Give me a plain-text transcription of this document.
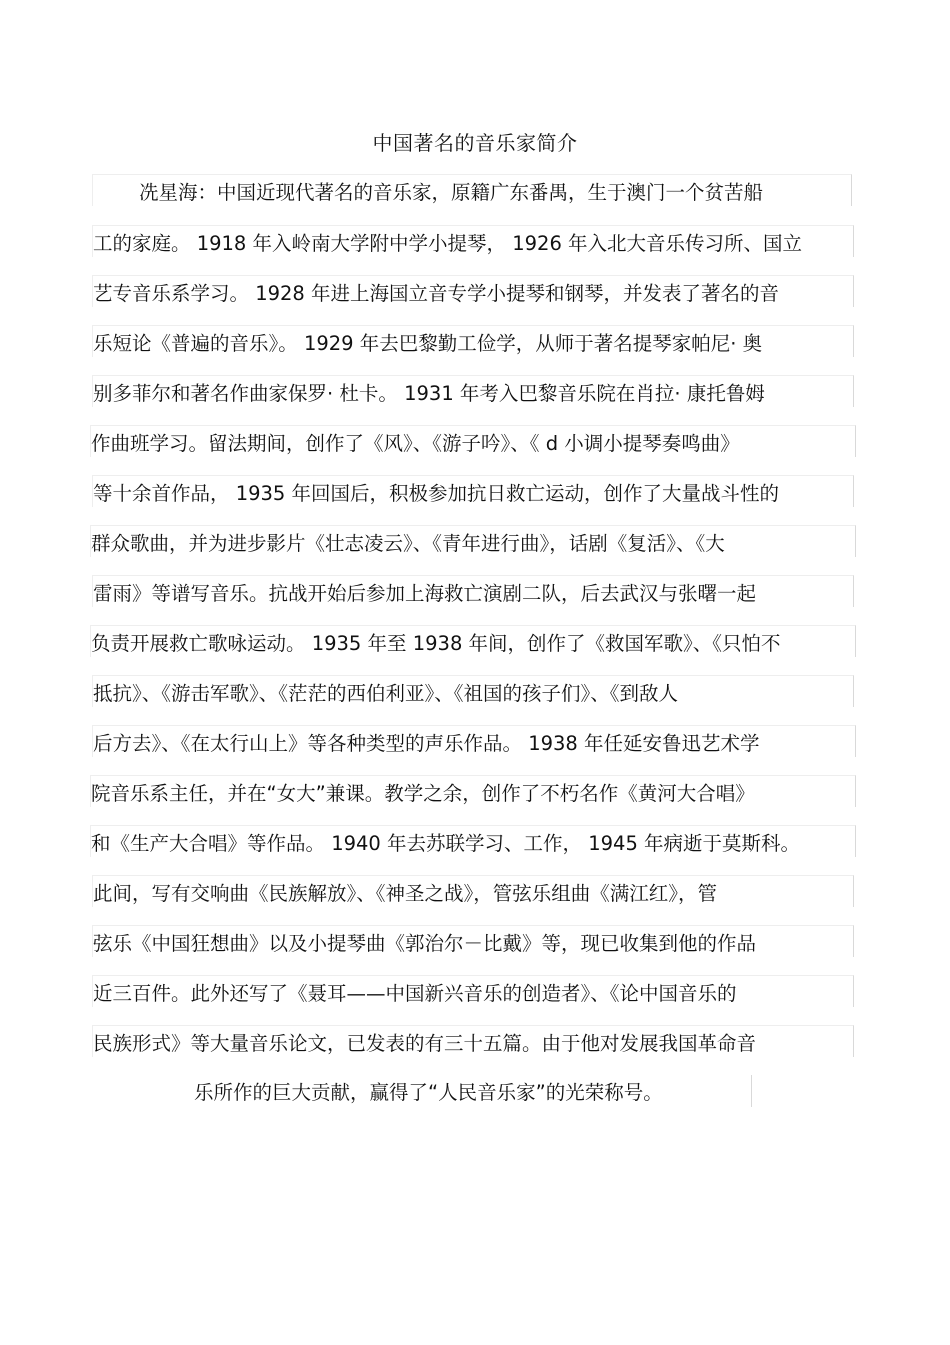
中国著名的音乐家简介
冼星海：中国近现代著名的音乐家，原籍广东番禺，生于澳门一个贫苦船
工的家庭。 1918 年入岭南大学附中学小提琴， 1926 年入北大音乐传习所、国立
艺专音乐系学习。 1928 年进上海国立音专学小提琴和钢琴，并发表了著名的音
乐短论《普遍的音乐》。 1929 年去巴黎勤工俭学，从师于著名提琴家帕尼· 奥
别多菲尔和著名作曲家保罗· 杜卡。 1931 年考入巴黎音乐院在肖拉· 康托鲁姆
作曲班学习。留法期间，创作了《风》、《游子吟》、《 d 小调小提琴奏鸣曲》
等十余首作品， 1935 年回国后，积极参加抗日救亡运动，创作了大量战斗性的
群众歌曲，并为进步影片《壮志凌云》、《青年进行曲》，话剧《复活》、《大
雷雨》等谱写音乐。抗战开始后参加上海救亡演剧二队，后去武汉与张曙一起
负责开展救亡歌咏运动。 1935 年至 1938 年间，创作了《救国军歌》、《只怕不
抵抗》、《游击军歌》、《茫茫的西伯利亚》、《祖国的孩子们》、《到敌人
后方去》、《在太行山上》等各种类型的声乐作品。 1938 年任延安鲁迅艺术学
院音乐系主任，并在“女大”兼课。教学之余，创作了不朽名作《黄河大合唱》
和《生产大合唱》等作品。 1940 年去苏联学习、工作， 1945 年病逝于莫斯科。
此间，写有交响曲《民族解放》、《神圣之战》，管弦乐组曲《满江红》，管
弦乐《中国狂想曲》以及小提琴曲《郭治尔－比戴》等，现已收集到他的作品
近三百件。此外还写了《聂耳——中国新兴音乐的创造者》、《论中国音乐的
民族形式》等大量音乐论文，已发表的有三十五篇。由于他对发展我国革命音
乐所作的巨大贡献，赢得了“人民音乐家”的光荣称号。
